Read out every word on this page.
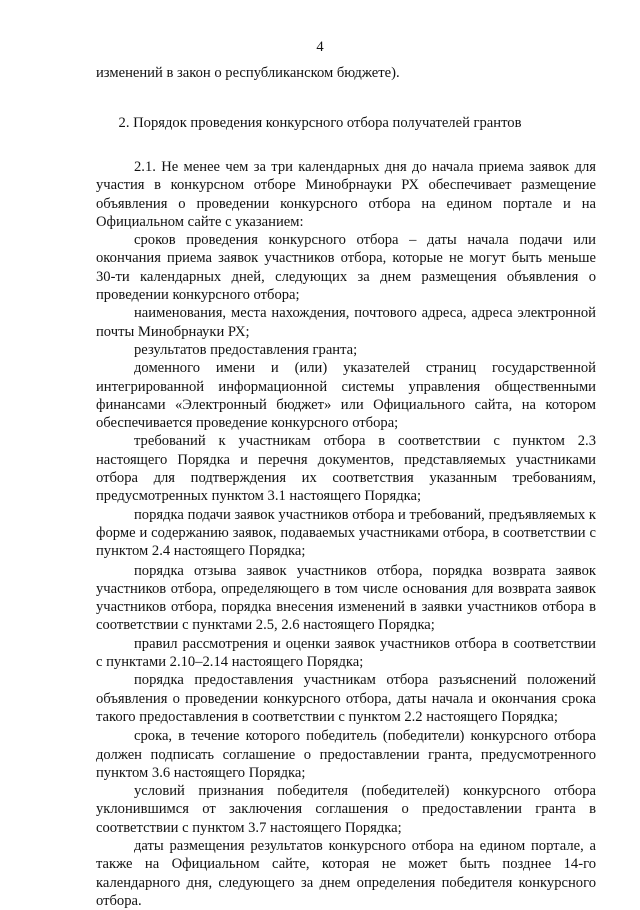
4
изменений в закон о республиканском бюджете).
2. Порядок проведения конкурсного отбора получателей грантов

2.1. Не менее чем за три календарных дня до начала приема заявок для участия в конкурсном отборе Минобрнауки РХ обеспечивает размещение объявления о проведении конкурсного отбора на едином портале и на Официальном сайте с указанием:

сроков проведения конкурсного отбора – даты начала подачи или окончания приема заявок участников отбора, которые не могут быть меньше 30-ти календарных дней, следующих за днем размещения объявления о проведении конкурсного отбора;

наименования, места нахождения, почтового адреса, адреса электронной почты Минобрнауки РХ;

результатов предоставления гранта;

доменного имени и (или) указателей страниц государственной интегрированной информационной системы управления общественными финансами «Электронный бюджет» или Официального сайта, на котором обеспечивается проведение конкурсного отбора;

требований к участникам отбора в соответствии с пунктом 2.3 настоящего Порядка и перечня документов, представляемых участниками отбора для подтверждения их соответствия указанным требованиям, предусмотренных пунктом 3.1 настоящего Порядка;

порядка подачи заявок участников отбора и требований, предъявляемых к форме и содержанию заявок, подаваемых участниками отбора, в соответствии с пунктом 2.4 настоящего Порядка;

порядка отзыва заявок участников отбора, порядка возврата заявок участников отбора, определяющего в том числе основания для возврата заявок участников отбора, порядка внесения изменений в заявки участников отбора в соответствии с пунктами 2.5, 2.6 настоящего Порядка;

правил рассмотрения и оценки заявок участников отбора в соответствии с пунктами 2.10–2.14 настоящего Порядка;

порядка предоставления участникам отбора разъяснений положений объявления о проведении конкурсного отбора, даты начала и окончания срока такого предоставления в соответствии с пунктом 2.2 настоящего Порядка;

срока, в течение которого победитель (победители) конкурсного отбора должен подписать соглашение о предоставлении гранта, предусмотренного пунктом 3.6 настоящего Порядка;

условий признания победителя (победителей) конкурсного отбора уклонившимся от заключения соглашения о предоставлении гранта в соответствии с пунктом 3.7 настоящего Порядка;

даты размещения результатов конкурсного отбора на едином портале, а также на Официальном сайте, которая не может быть позднее 14-го календарного дня, следующего за днем определения победителя конкурсного отбора.
